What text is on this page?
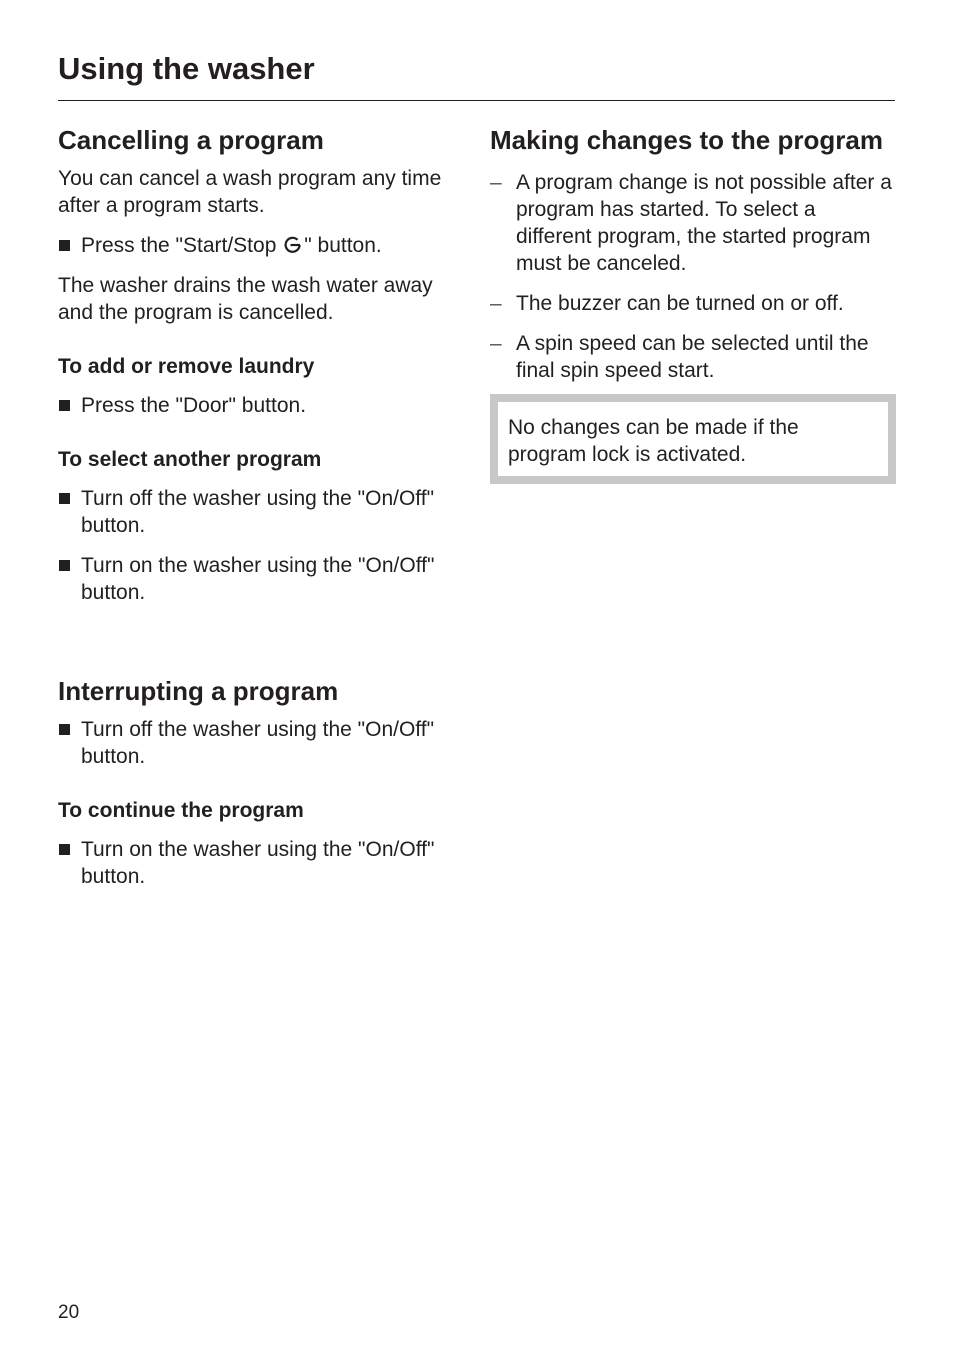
Using the washer
Cancelling a program

You can cancel a wash program any time after a program starts.

Press the "Start/Stop " button.

The washer drains the wash water away and the program is cancelled.

To add or remove laundry
Press the "Door" button.
To select another program
Turn off the washer using the "On/Off" button.
Turn on the washer using the "On/Off" button.
Interrupting a program
Turn off the washer using the "On/Off" button.
To continue the program
Turn on the washer using the "On/Off" button.
Making changes to the program
– A program change is not possible after a program has started. To select a different program, the started program must be canceled.
– The buzzer can be turned on or off.
– A spin speed can be selected until the final spin speed start.
No changes can be made if the program lock is activated.
20
